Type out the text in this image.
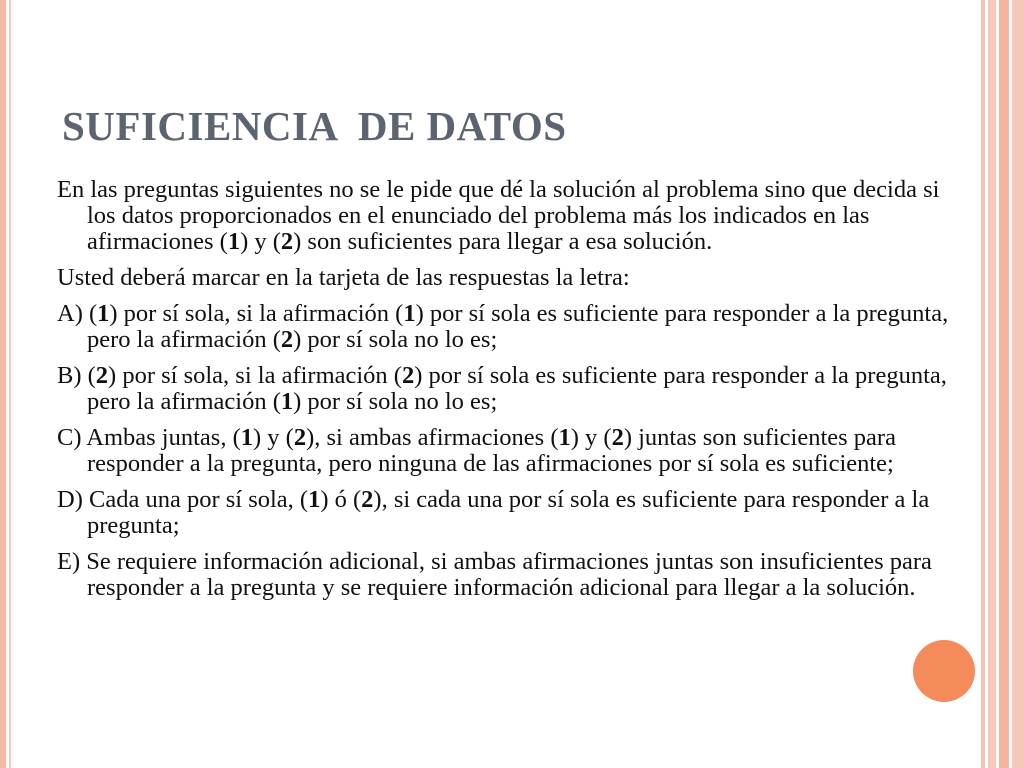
SUFICIENCIA  DE DATOS

En las preguntas siguientes no se le pide que dé la solución al problema sino que decida si los datos proporcionados en el enunciado del problema más los indicados en las afirmaciones (1) y (2) son suficientes para llegar a esa solución.

Usted deberá marcar en la tarjeta de las respuestas la letra:

A) (1) por sí sola, si la afirmación (1) por sí sola es suficiente para responder a la pregunta, pero la afirmación (2) por sí sola no lo es;

B) (2) por sí sola, si la afirmación (2) por sí sola es suficiente para responder a la pregunta, pero la afirmación (1) por sí sola no lo es;

C) Ambas juntas, (1) y (2), si ambas afirmaciones (1) y (2) juntas son suficientes para responder a la pregunta, pero ninguna de las afirmaciones por sí sola es suficiente;

D) Cada una por sí sola, (1) ó (2), si cada una por sí sola es suficiente para responder a la pregunta;

E) Se requiere información adicional, si ambas afirmaciones juntas son insuficientes para responder a la pregunta y se requiere información adicional para llegar a la solución.
